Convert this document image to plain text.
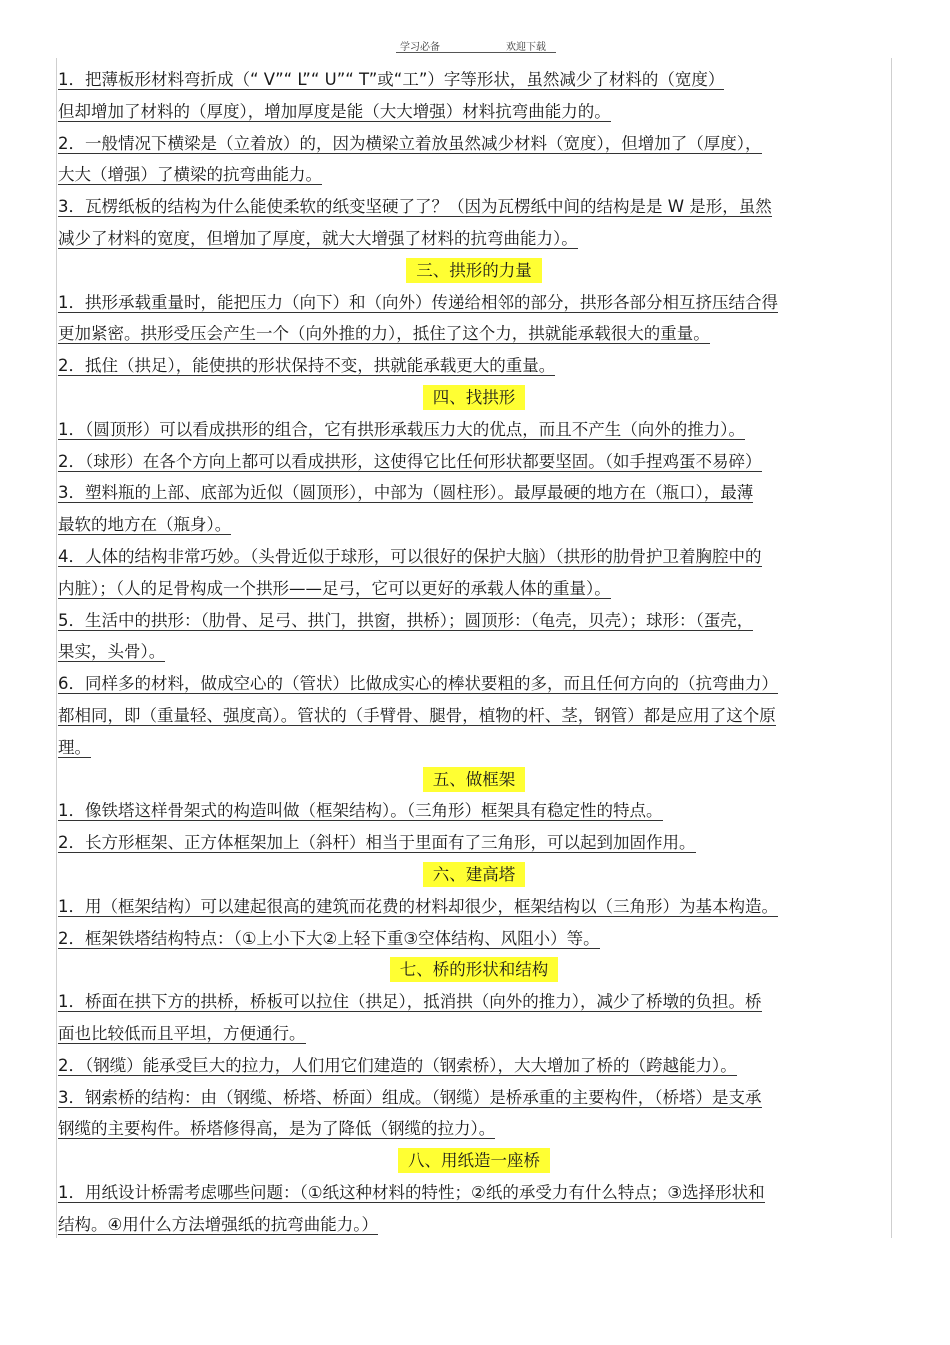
学习必备	欢迎下载
1．把薄板形材料弯折成（“ V”“ L”“ U”“ T”或“工”）字等形状，虽然减少了材料的（宽度）
但却增加了材料的（厚度），增加厚度是能（大大增强）材料抗弯曲能力的。
2．一般情况下横梁是（立着放）的，因为横梁立着放虽然减少材料（宽度），但增加了（厚度），
大大（增强）了横梁的抗弯曲能力。
3．瓦楞纸板的结构为什么能使柔软的纸变坚硬了了？（因为瓦楞纸中间的结构是是 W 是形，虽然
减少了材料的宽度，但增加了厚度，就大大增强了材料的抗弯曲能力）。
三、拱形的力量
1．拱形承载重量时，能把压力（向下）和（向外）传递给相邻的部分，拱形各部分相互挤压结合得
更加紧密。拱形受压会产生一个（向外推的力），抵住了这个力，拱就能承载很大的重量。
2．抵住（拱足），能使拱的形状保持不变，拱就能承载更大的重量。
四、找拱形
1．（圆顶形）可以看成拱形的组合，它有拱形承载压力大的优点，而且不产生（向外的推力）。
2．（球形）在各个方向上都可以看成拱形，这使得它比任何形状都要坚固。（如手捏鸡蛋不易碎）
3．塑料瓶的上部、底部为近似（圆顶形），中部为（圆柱形）。最厚最硬的地方在（瓶口），最薄
最软的地方在（瓶身）。
4．人体的结构非常巧妙。（头骨近似于球形，可以很好的保护大脑）（拱形的肋骨护卫着胸腔中的
内脏）；（人的足骨构成一个拱形——足弓，它可以更好的承载人体的重量）。
5．生活中的拱形：（肋骨、足弓、拱门，拱窗，拱桥）；圆顶形：（龟壳，贝壳）；球形：（蛋壳，
果实，头骨）。
6．同样多的材料，做成空心的（管状）比做成实心的棒状要粗的多，而且任何方向的（抗弯曲力）
都相同，即（重量轻、强度高）。管状的（手臂骨、腿骨，植物的杆、茎，钢管）都是应用了这个原
理。
五、做框架
1．像铁塔这样骨架式的构造叫做（框架结构）。（三角形）框架具有稳定性的特点。
2．长方形框架、正方体框架加上（斜杆）相当于里面有了三角形，可以起到加固作用。
六、建高塔
1．用（框架结构）可以建起很高的建筑而花费的材料却很少，框架结构以（三角形）为基本构造。
2．框架铁塔结构特点：（①上小下大②上轻下重③空体结构、风阻小）等。
七、桥的形状和结构
1．桥面在拱下方的拱桥，桥板可以拉住（拱足），抵消拱（向外的推力），减少了桥墩的负担。桥
面也比较低而且平坦，方便通行。
2．（钢缆）能承受巨大的拉力，人们用它们建造的（钢索桥），大大增加了桥的（跨越能力）。
3．钢索桥的结构：由（钢缆、桥塔、桥面）组成。（钢缆）是桥承重的主要构件，（桥塔）是支承
钢缆的主要构件。桥塔修得高，是为了降低（钢缆的拉力）。
八、用纸造一座桥
1．用纸设计桥需考虑哪些问题：（①纸这种材料的特性；②纸的承受力有什么特点；③选择形状和
结构。④用什么方法增强纸的抗弯曲能力。）
